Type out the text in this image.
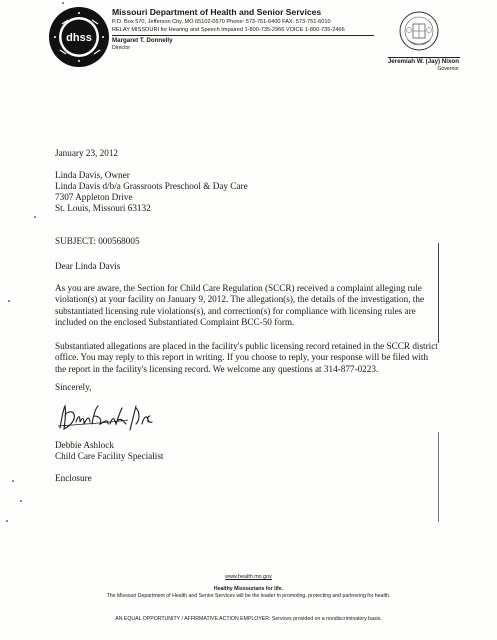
dhss
Missouri Department of Health and Senior Services
P.O. Box 570, Jefferson City, MO 65102-0570 Phone: 573-751-6400 FAX: 573-751-6010
RELAY MISSOURI for Hearing and Speech Impaired 1-800-735-2966 VOICE 1-800-735-2466
Margaret T. Donnelly
Director
Jeremiah W. (Jay) Nixon
Governor
January 23, 2012
Linda Davis, Owner
Linda Davis d/b/a Grassroots Preschool & Day Care
7307 Appleton Drive
St. Louis, Missouri 63132
SUBJECT: 000568005
Dear Linda Davis
As you are aware, the Section for Child Care Regulation (SCCR) received a complaint alleging rule
violation(s) at your facility on January 9, 2012. The allegation(s), the details of the investigation, the
substantiated licensing rule violations(s), and correction(s) for compliance with licensing rules are
included on the enclosed Substantiated Complaint BCC-50 form.
Substantiated allegations are placed in the facility's public licensing record retained in the SCCR district
office. You may reply to this report in writing. If you choose to reply, your response will be filed with
the report in the facility's licensing record. We welcome any questions at 314-877-0223.
Sincerely,
Debbie Ashlock
Child Care Facility Specialist
Enclosure
www.health.mo.gov
Healthy Missourians for life.
The Missouri Department of Health and Senior Services will be the leader in promoting, protecting and partnering for health.
AN EQUAL OPPORTUNITY / AFFIRMATIVE ACTION EMPLOYER: Services provided on a nondiscriminatory basis.
